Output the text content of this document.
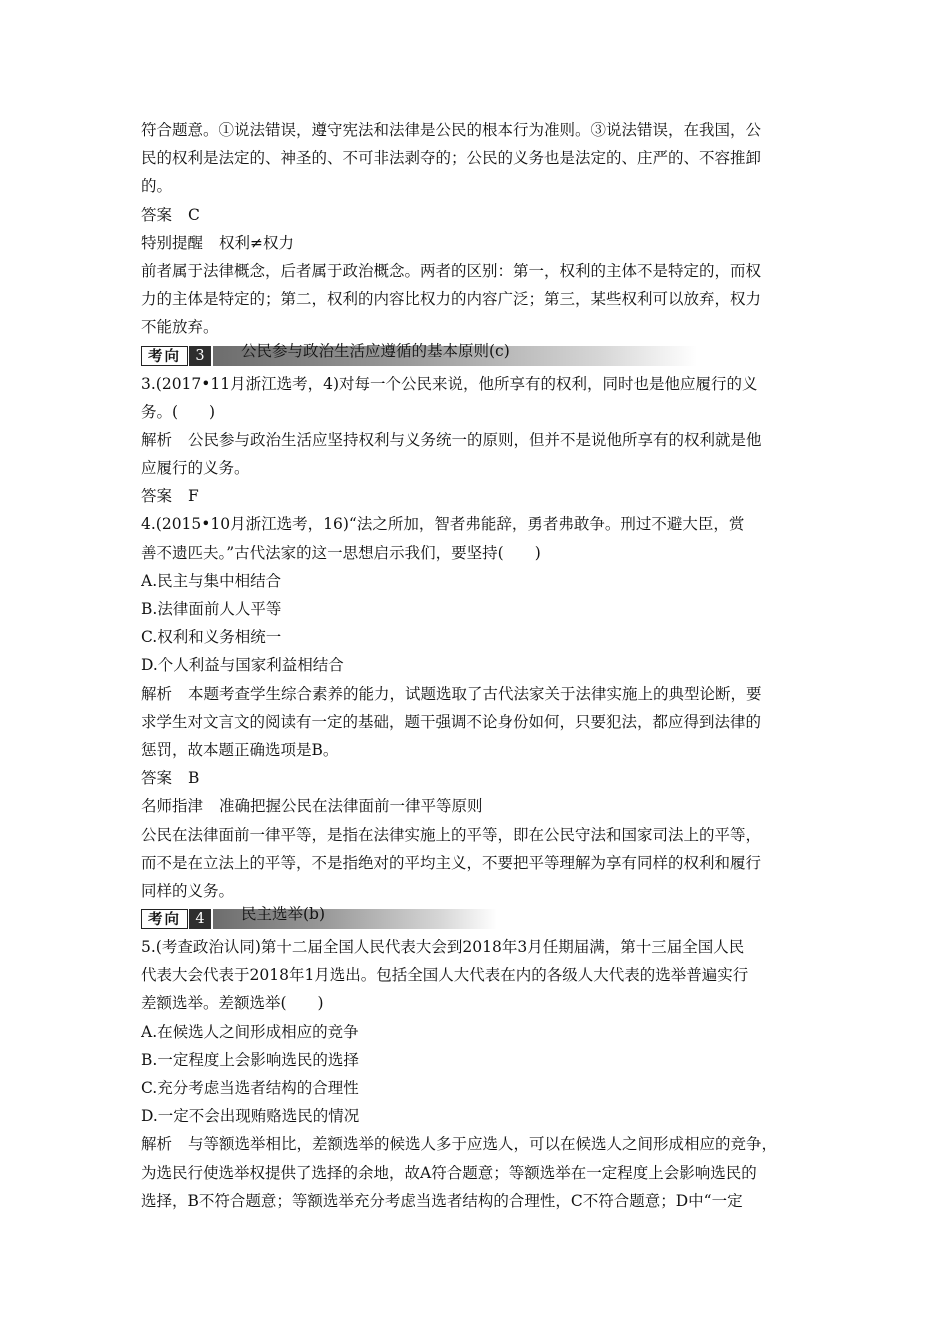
符合题意。①说法错误，遵守宪法和法律是公民的根本行为准则。③说法错误，在我国，公
民的权利是法定的、神圣的、不可非法剥夺的；公民的义务也是法定的、庄严的、不容推卸
的。
答案 C
特别提醒 权利≠权力
前者属于法律概念，后者属于政治概念。两者的区别：第一，权利的主体不是特定的，而权
力的主体是特定的；第二，权利的内容比权力的内容广泛；第三，某些权利可以放弃，权力
不能放弃。
考向 3	公民参与政治生活应遵循的基本原则(c)
3.(2017•11月浙江选考，4)对每一个公民来说，他所享有的权利，同时也是他应履行的义
务。(　　)
解析 公民参与政治生活应坚持权利与义务统一的原则，但并不是说他所享有的权利就是他
应履行的义务。
答案 F
4.(2015•10月浙江选考，16)“法之所加，智者弗能辞，勇者弗敢争。刑过不避大臣，赏
善不遗匹夫。”古代法家的这一思想启示我们，要坚持(　　)
A.民主与集中相结合
B.法律面前人人平等
C.权利和义务相统一
D.个人利益与国家利益相结合
解析 本题考查学生综合素养的能力，试题选取了古代法家关于法律实施上的典型论断，要
求学生对文言文的阅读有一定的基础，题干强调不论身份如何，只要犯法，都应得到法律的
惩罚，故本题正确选项是B。
答案 B
名师指津 准确把握公民在法律面前一律平等原则
公民在法律面前一律平等，是指在法律实施上的平等，即在公民守法和国家司法上的平等，
而不是在立法上的平等，不是指绝对的平均主义，不要把平等理解为享有同样的权利和履行
同样的义务。
考向 4	民主选举(b)
5.(考查政治认同)第十二届全国人民代表大会到2018年3月任期届满，第十三届全国人民
代表大会代表于2018年1月选出。包括全国人大代表在内的各级人大代表的选举普遍实行
差额选举。差额选举(　　)
A.在候选人之间形成相应的竞争
B.一定程度上会影响选民的选择
C.充分考虑当选者结构的合理性
D.一定不会出现贿赂选民的情况
解析 与等额选举相比，差额选举的候选人多于应选人，可以在候选人之间形成相应的竞争，
为选民行使选举权提供了选择的余地，故A符合题意；等额选举在一定程度上会影响选民的
选择，B不符合题意；等额选举充分考虑当选者结构的合理性，C不符合题意；D中“一定
